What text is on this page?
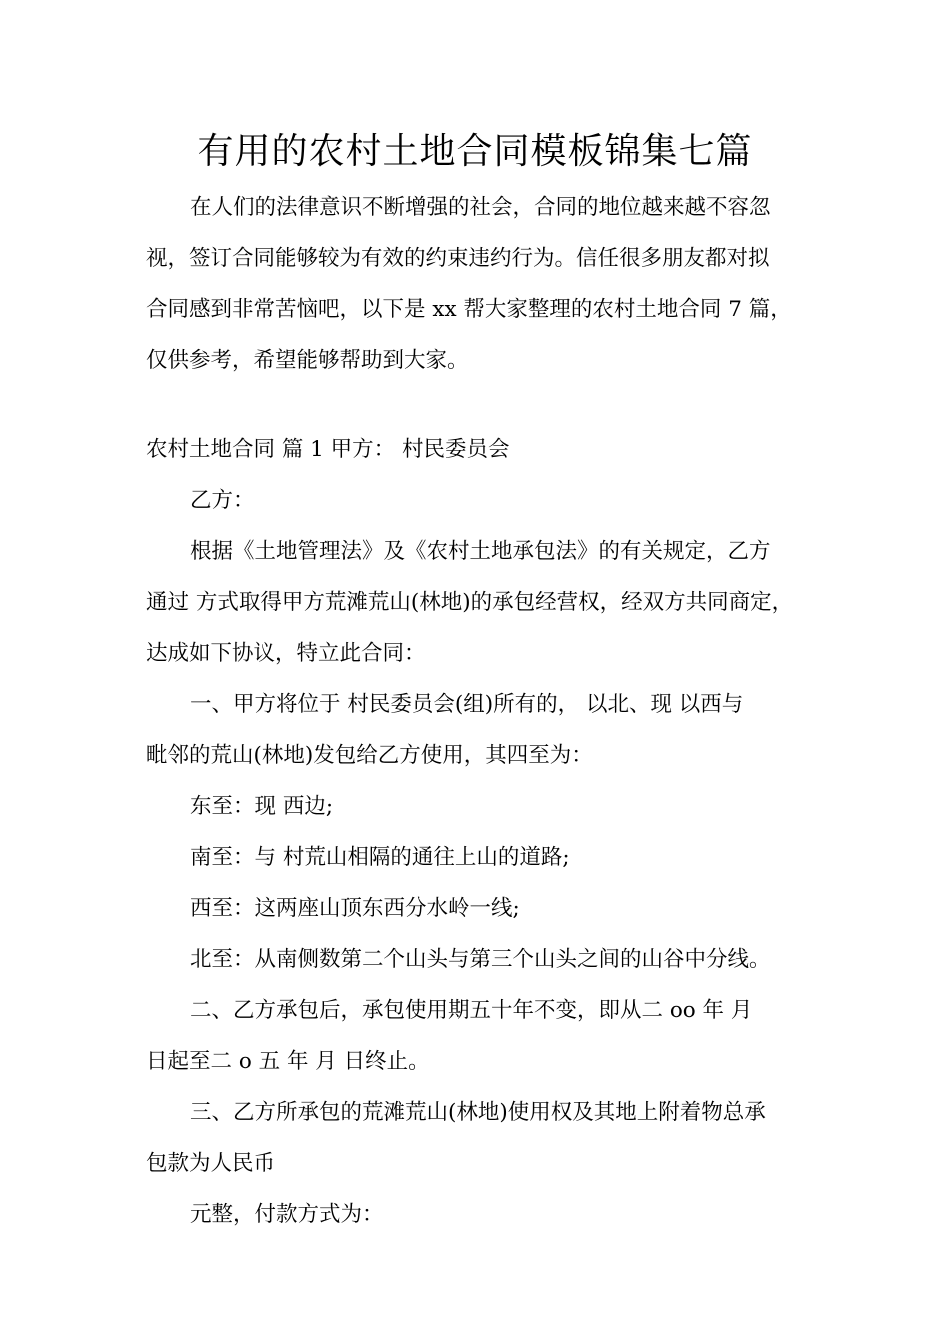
有用的农村土地合同模板锦集七篇
在人们的法律意识不断增强的社会，合同的地位越来越不容忽
视，签订合同能够较为有效的约束违约行为。信任很多朋友都对拟
合同感到非常苦恼吧，以下是 xx 帮大家整理的农村土地合同 7 篇，
仅供参考，希望能够帮助到大家。
农村土地合同 篇 1 甲方： 村民委员会
乙方：
根据《土地管理法》及《农村土地承包法》的有关规定，乙方
通过 方式取得甲方荒滩荒山(林地)的承包经营权，经双方共同商定，
达成如下协议，特立此合同：
一、甲方将位于 村民委员会(组)所有的， 以北、现 以西与
毗邻的荒山(林地)发包给乙方使用，其四至为：
东至：现 西边;
南至：与 村荒山相隔的通往上山的道路;
西至：这两座山顶东西分水岭一线;
北至：从南侧数第二个山头与第三个山头之间的山谷中分线。
二、乙方承包后，承包使用期五十年不变，即从二 oo 年 月
日起至二 o 五 年 月 日终止。
三、乙方所承包的荒滩荒山(林地)使用权及其地上附着物总承
包款为人民币
元整，付款方式为：
